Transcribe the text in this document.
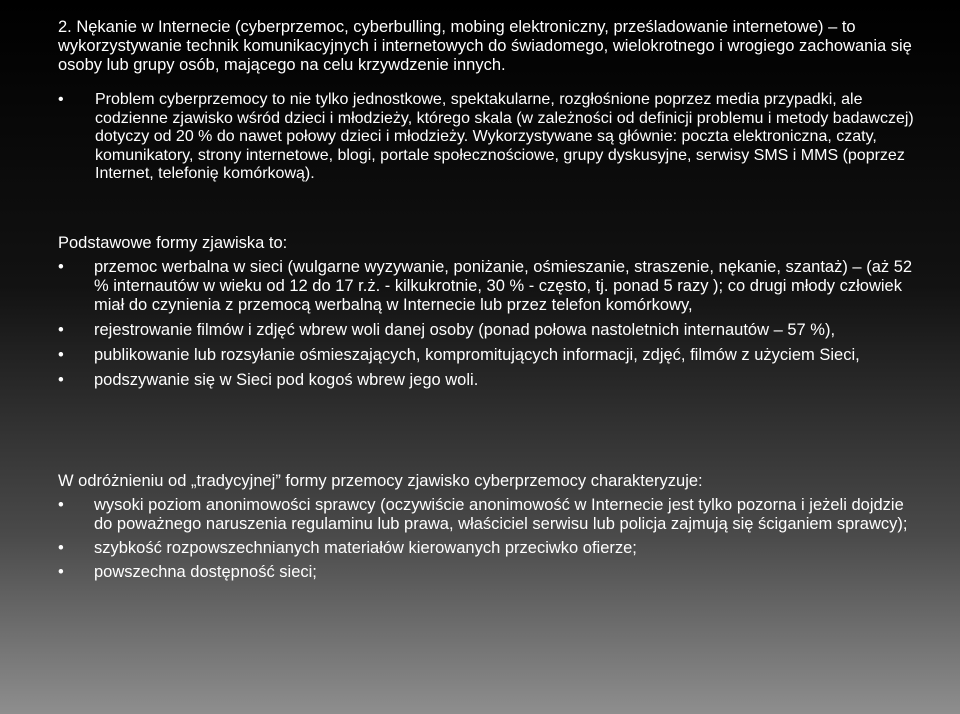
2. Nękanie w Internecie (cyberprzemoc, cyberbulling, mobing elektroniczny, prześladowanie internetowe) – to wykorzystywanie technik komunikacyjnych i internetowych do świadomego, wielokrotnego i wrogiego zachowania się osoby lub grupy osób, mającego na celu krzywdzenie innych.

• Problem cyberprzemocy to nie tylko jednostkowe, spektakularne, rozgłośnione poprzez media przypadki, ale codzienne zjawisko wśród dzieci i młodzieży, którego skala (w zależności od definicji problemu i metody badawczej) dotyczy od 20 % do nawet połowy dzieci i młodzieży. Wykorzystywane są głównie: poczta elektroniczna, czaty, komunikatory, strony internetowe, blogi, portale społecznościowe, grupy dyskusyjne, serwisy SMS i MMS (poprzez Internet, telefonię komórkową).

Podstawowe formy zjawiska to:

• przemoc werbalna w sieci (wulgarne wyzywanie, poniżanie, ośmieszanie, straszenie, nękanie, szantaż) – (aż 52 % internautów w wieku od 12 do 17 r.ż. - kilkukrotnie, 30 % - często, tj. ponad 5 razy ); co drugi młody człowiek miał do czynienia z przemocą werbalną w Internecie lub przez telefon komórkowy,
• rejestrowanie filmów i zdjęć wbrew woli danej osoby (ponad połowa nastoletnich internautów – 57 %),
• publikowanie lub rozsyłanie ośmieszających, kompromitujących informacji, zdjęć, filmów z użyciem Sieci,
• podszywanie się w Sieci pod kogoś wbrew jego woli.

W odróżnieniu od „tradycyjnej” formy przemocy zjawisko cyberprzemocy charakteryzuje:

• wysoki poziom anonimowości sprawcy (oczywiście anonimowość w Internecie jest tylko pozorna i jeżeli dojdzie do poważnego naruszenia regulaminu lub prawa, właściciel serwisu lub policja zajmują się ściganiem sprawcy);
• szybkość rozpowszechnianych materiałów kierowanych przeciwko ofierze;
• powszechna dostępność sieci;
